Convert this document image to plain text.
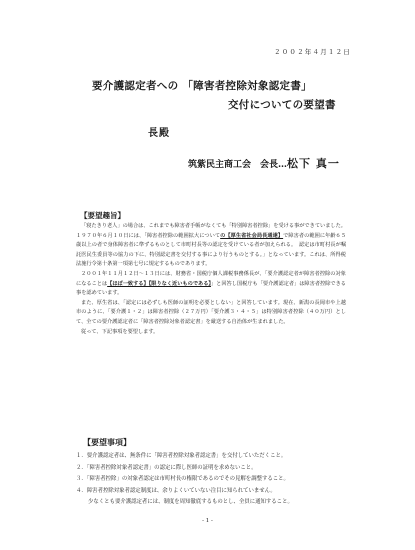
２００２年４月１２日
要介護認定者への 「障害者控除対象認定書」
交付についての要望書
長殿
筑紫民主商工会　会長…松下 真一
【要望趣旨】

「寝たきり老人」の場合は、これまでも障害者手帳がなくても「特別障害者控除」を受ける事ができていました。１９７０年６月１０日には、「障害者控除の範囲拡大についての【厚生省社会局長通達】で障害者の範囲に年齢６５歳以上の者で身体障害者に準ずるものとして市町村長等の認定を受けている者が加えられる。　認定は市町村長が嘱託医民生委員等の協力の下に、特別認定書を交付する事により行うものとする。」となっています。これは、所得税法施行令第十条第一項第七号に規定するものであります。

２００１年１１月１２日～１３日には、財務省・国税庁個人課税事務係長が、「要介護認定者が障害者控除の対象になることは【ほぼ一致する】【限りなく近いものである】」と回答し国税庁も「要介護認定者」は障害者控除できる事を認めています。

また、厚生省は、「認定には必ずしも医師の証明を必要としない」と回答しています。現在、新潟の長岡市や上越市のように、「要介護１・２」は障害者控除（２７万円）「要介護３・４・５」は特別障害者控除（４０万円）として、全ての要介護認定者に「障害者控除対象者認定書」を厳送する自治体が生まれました。

従って、下記事項を要望します。

【要望事項】
１．要介護認定者は、無条件に「障害者控除対象者認定書」を交付していただくこと。
２．「障害者控除対象者認定書」の認定に際し医師の証明を求めないこと。
３．「障害者控除」の対象者認定は市町村長の権限であるのでその見解を調整すること。
４．障害者控除対象者認定制度は、余りよくいていない注目に知られていません。
少なくとも要介護認定者には、制度を周知徹底するものとし、全員に通知すること。
- 1 -
